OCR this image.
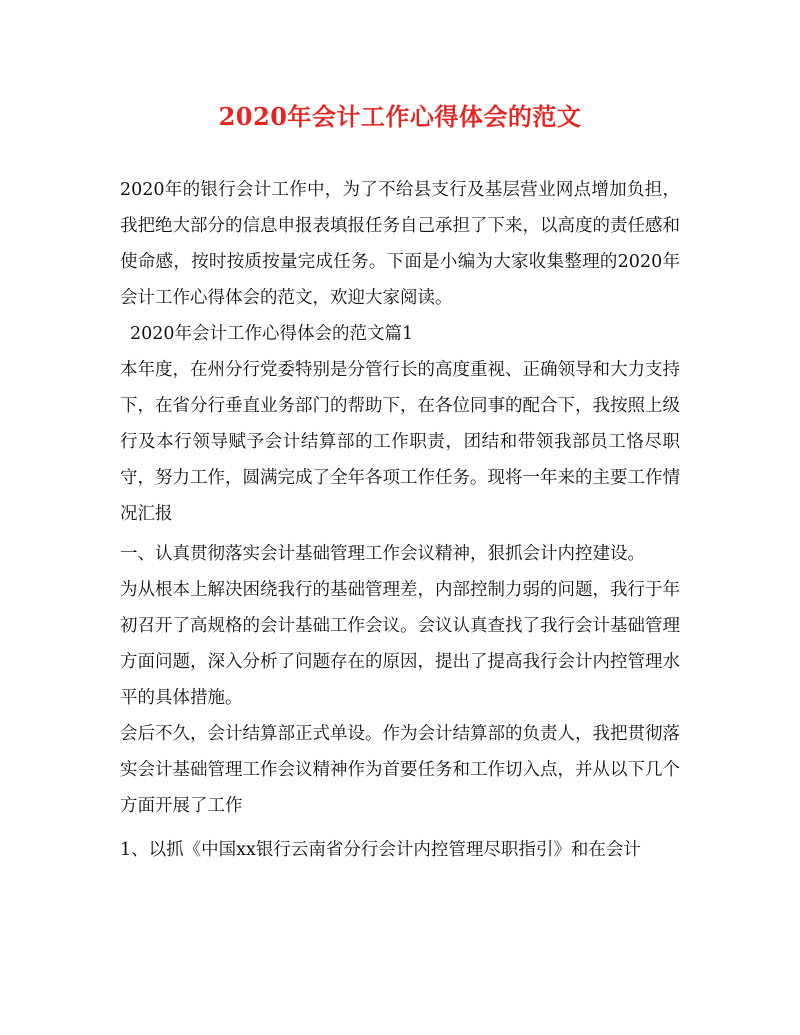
2020年会计工作心得体会的范文

2020年的银行会计工作中，为了不给县支行及基层营业网点增加负担，我把绝大部分的信息申报表填报任务自己承担了下来，以高度的责任感和使命感，按时按质按量完成任务。下面是小编为大家收集整理的2020年会计工作心得体会的范文，欢迎大家阅读。

2020年会计工作心得体会的范文篇1

本年度，在州分行党委特别是分管行长的高度重视、正确领导和大力支持下，在省分行垂直业务部门的帮助下，在各位同事的配合下，我按照上级行及本行领导赋予会计结算部的工作职责，团结和带领我部员工恪尽职守，努力工作，圆满完成了全年各项工作任务。现将一年来的主要工作情况汇报

一、认真贯彻落实会计基础管理工作会议精神，狠抓会计内控建设。

为从根本上解决困绕我行的基础管理差，内部控制力弱的问题，我行于年初召开了高规格的会计基础工作会议。会议认真查找了我行会计基础管理方面问题，深入分析了问题存在的原因，提出了提高我行会计内控管理水平的具体措施。

会后不久，会计结算部正式单设。作为会计结算部的负责人，我把贯彻落实会计基础管理工作会议精神作为首要任务和工作切入点，并从以下几个方面开展了工作

1、以抓《中国xx银行云南省分行会计内控管理尽职指引》和在会计
